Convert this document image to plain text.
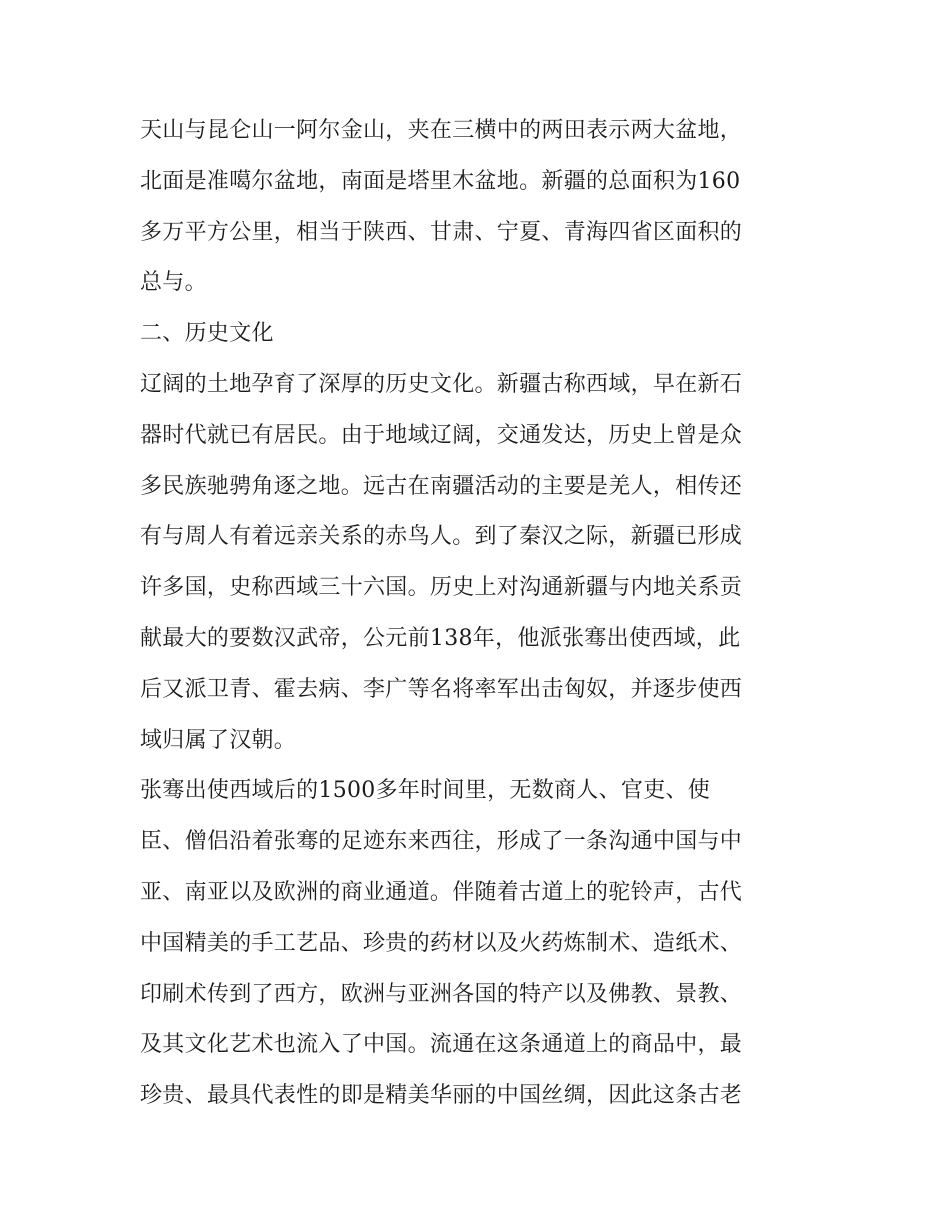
天山与昆仑山一阿尔金山，夹在三横中的两田表示两大盆地，
北面是准噶尔盆地，南面是塔里木盆地。新疆的总面积为160
多万平方公里，相当于陕西、甘肃、宁夏、青海四省区面积的
总与。
二、历史文化
辽阔的土地孕育了深厚的历史文化。新疆古称西域，早在新石
器时代就已有居民。由于地域辽阔，交通发达，历史上曾是众
多民族驰骋角逐之地。远古在南疆活动的主要是羌人，相传还
有与周人有着远亲关系的赤鸟人。到了秦汉之际，新疆已形成
许多国，史称西域三十六国。历史上对沟通新疆与内地关系贡
献最大的要数汉武帝，公元前138年，他派张骞出使西域，此
后又派卫青、霍去病、李广等名将率军出击匈奴，并逐步使西
域归属了汉朝。
张骞出使西域后的1500多年时间里，无数商人、官吏、使
臣、僧侣沿着张骞的足迹东来西往，形成了一条沟通中国与中
亚、南亚以及欧洲的商业通道。伴随着古道上的驼铃声，古代
中国精美的手工艺品、珍贵的药材以及火药炼制术、造纸术、
印刷术传到了西方，欧洲与亚洲各国的特产以及佛教、景教、
及其文化艺术也流入了中国。流通在这条通道上的商品中，最
珍贵、最具代表性的即是精美华丽的中国丝绸，因此这条古老
